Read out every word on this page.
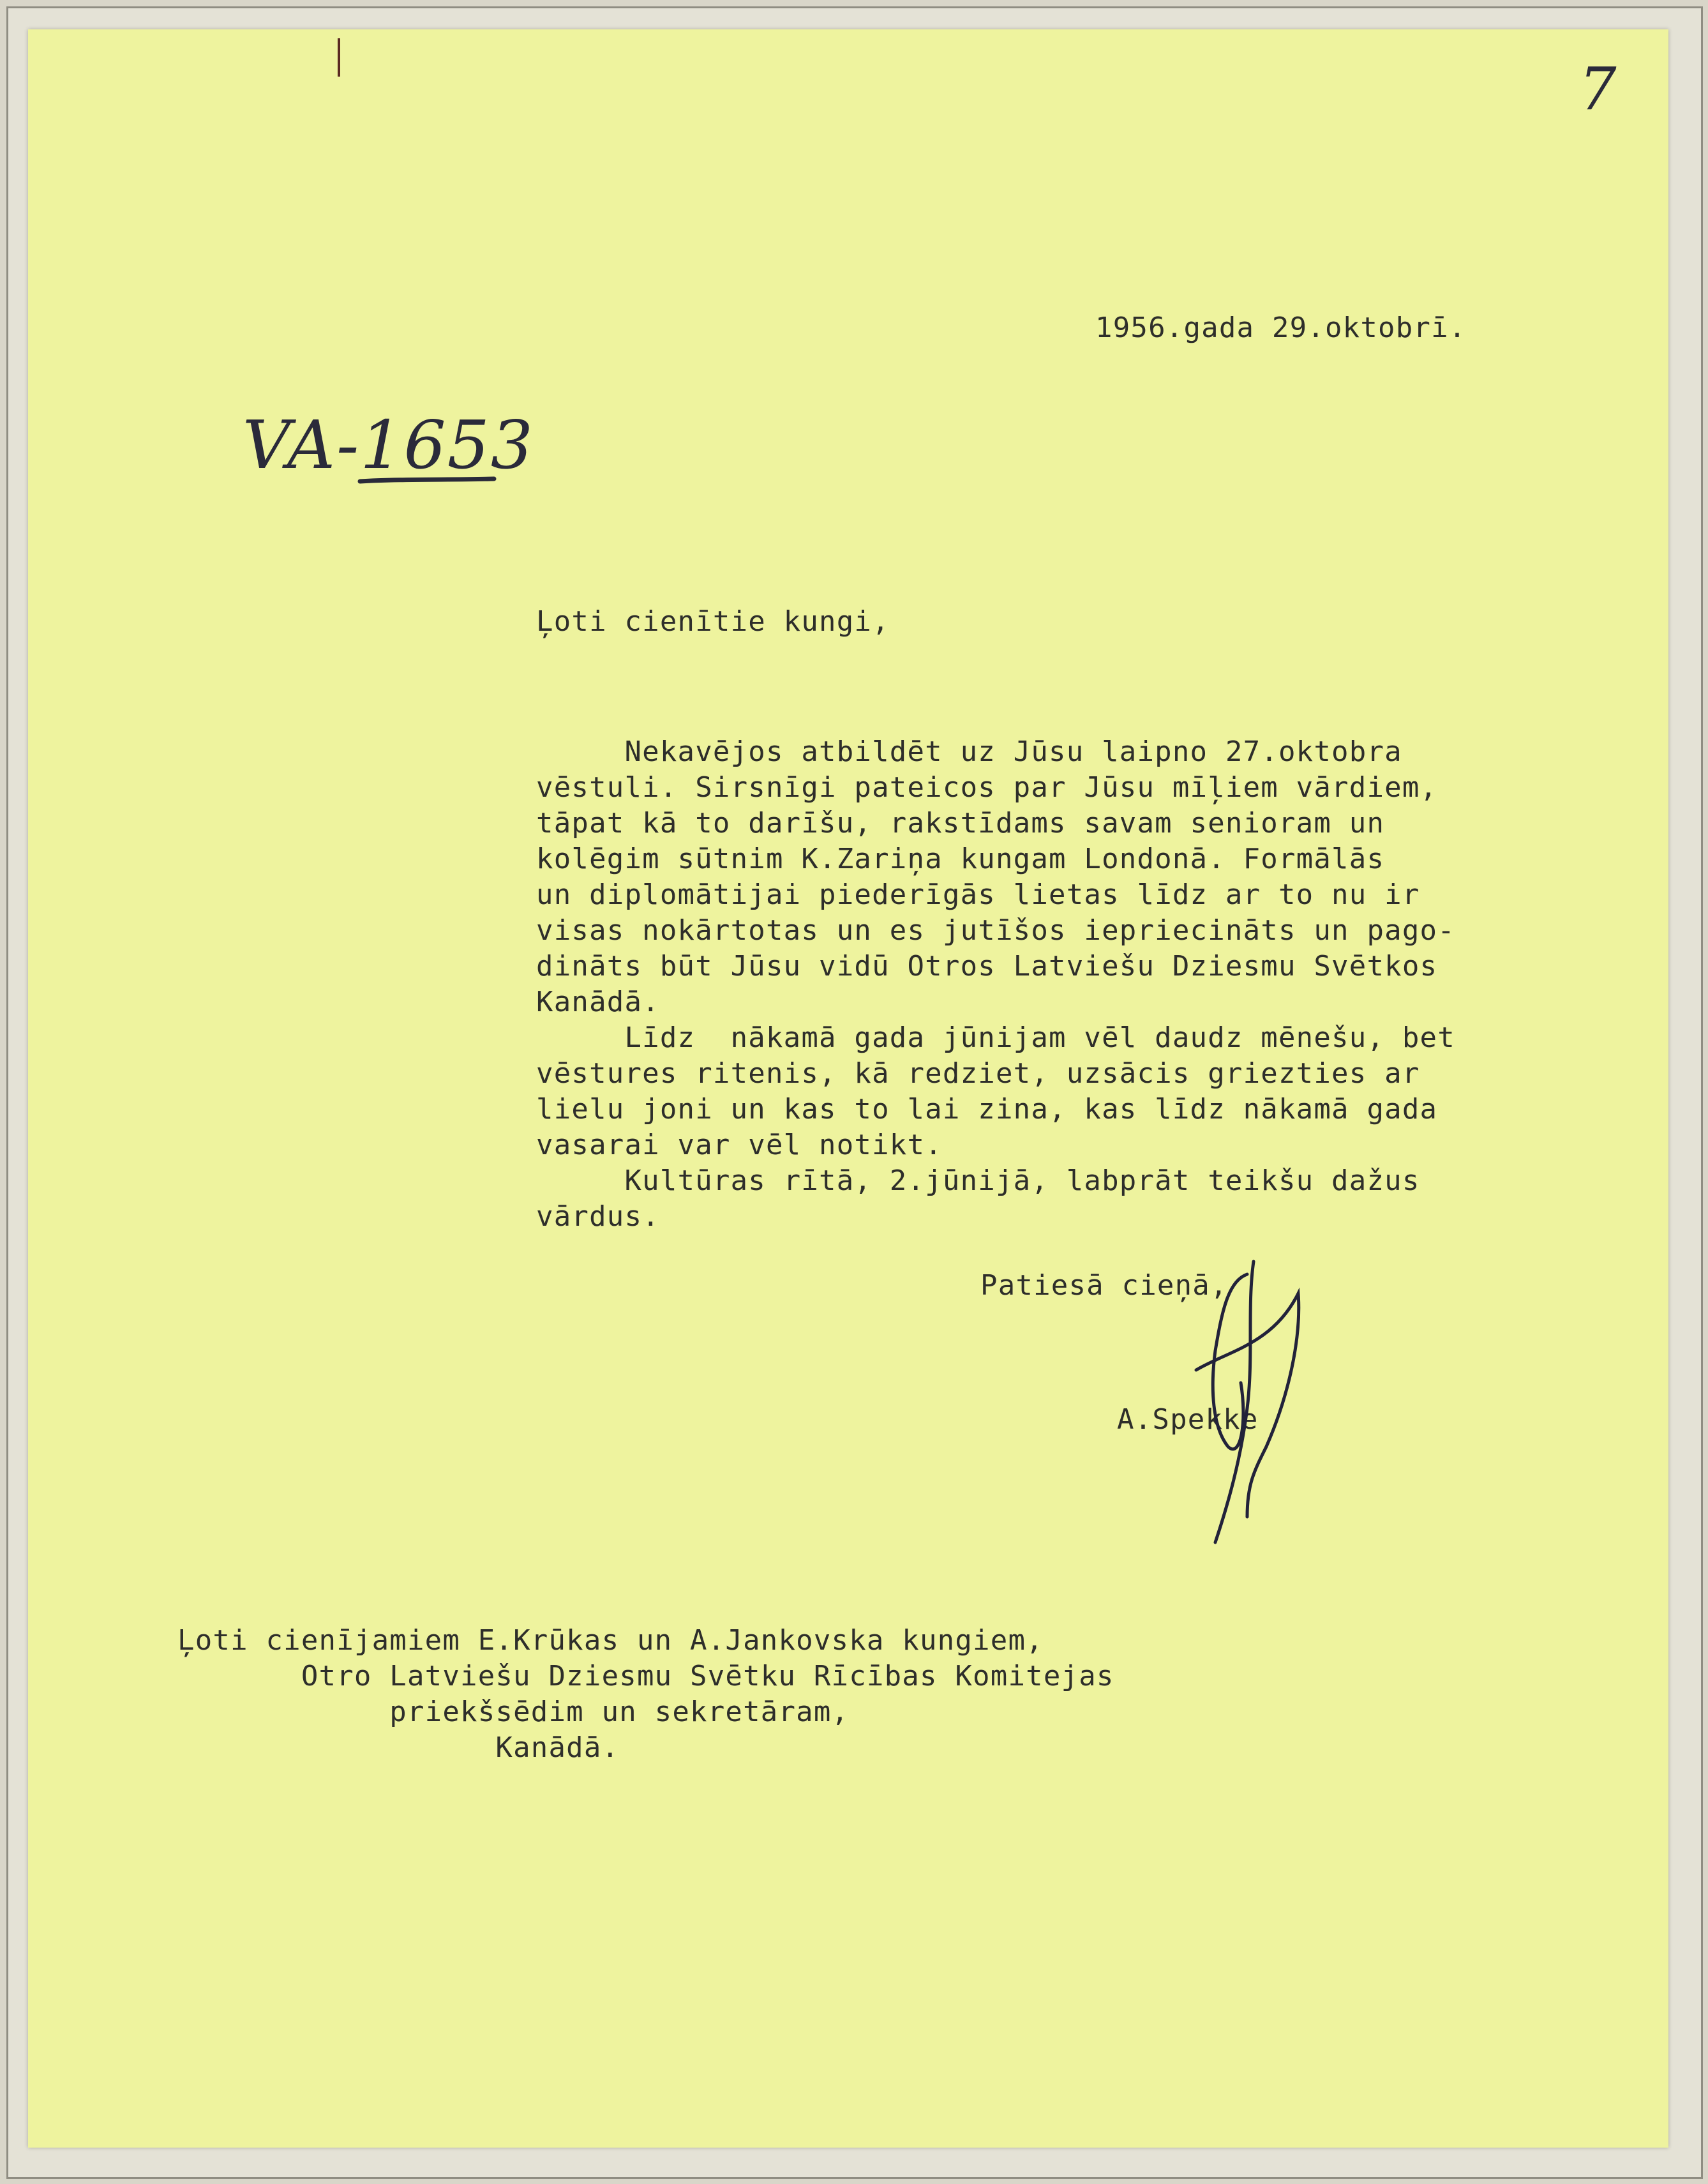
7
VA-1653
1956.gada 29.oktobrī.
Ļoti cienītie kungi,
Nekavējos atbildēt uz Jūsu laipno 27.oktobra
vēstuli. Sirsnīgi pateicos par Jūsu mīļiem vārdiem,
tāpat kā to darīšu, rakstīdams savam senioram un
kolēgim sūtnim K.Zariņa kungam Londonā. Formālās
un diplomātijai piederīgās lietas līdz ar to nu ir
visas nokārtotas un es jutīšos iepriecināts un pago-
dināts būt Jūsu vidū Otros Latviešu Dziesmu Svētkos
Kanādā.
Līdz  nākamā gada jūnijam vēl daudz mēnešu, bet
vēstures ritenis, kā redziet, uzsācis griezties ar
lielu joni un kas to lai zina, kas līdz nākamā gada
vasarai var vēl notikt.
Kultūras rītā, 2.jūnijā, labprāt teikšu dažus
vārdus.
Patiesā cieņā,
A.Spekke
Ļoti cienījamiem E.Krūkas un A.Jankovska kungiem,
Otro Latviešu Dziesmu Svētku Rīcības Komitejas
priekšsēdim un sekretāram,
Kanādā.
